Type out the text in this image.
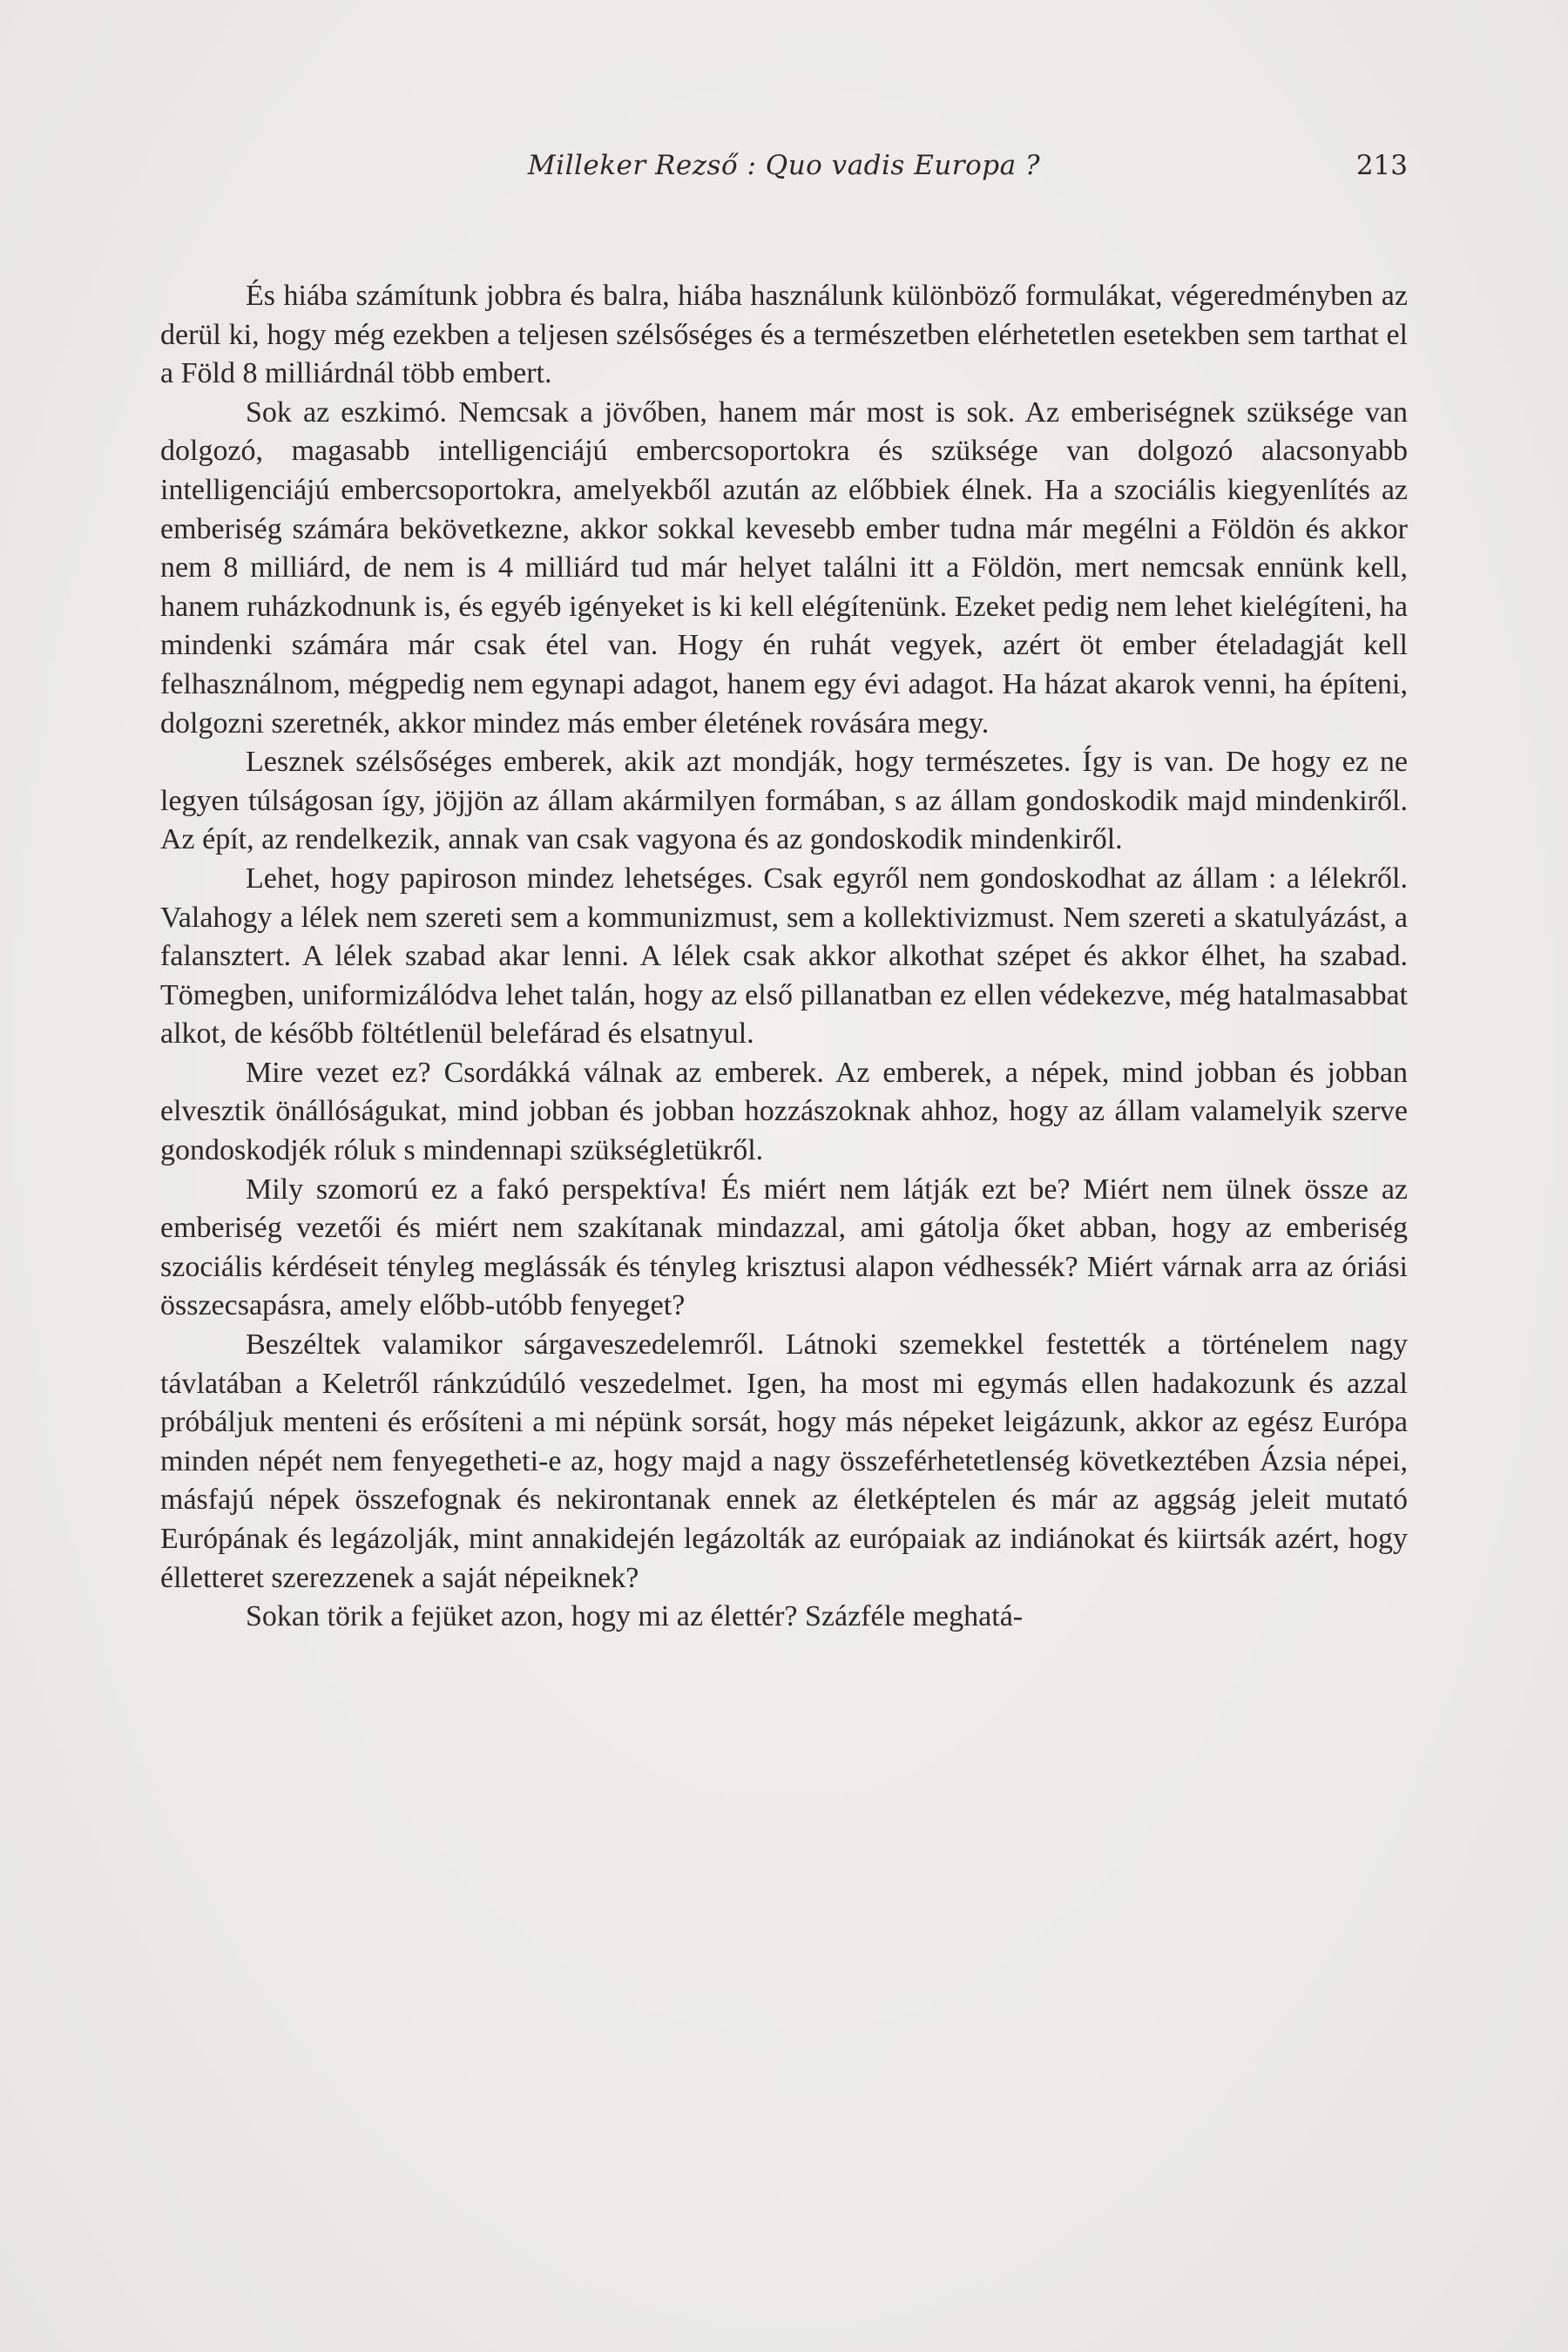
Milleker Rezső : Quo vadis Europa ?	213

És hiába számítunk jobbra és balra, hiába használunk különböző formulákat, végeredményben az derül ki, hogy még ezekben a teljesen szélsőséges és a természetben elérhetetlen esetekben sem tarthat el a Föld 8 milliárdnál több embert.

Sok az eszkimó. Nemcsak a jövőben, hanem már most is sok. Az emberiségnek szüksége van dolgozó, magasabb intelligenciájú embercsoportokra és szüksége van dolgozó alacsonyabb intelligenciájú embercsoportokra, amelyekből azután az előbbiek élnek. Ha a szociális kiegyenlítés az emberiség számára bekövetkezne, akkor sokkal kevesebb ember tudna már megélni a Földön és akkor nem 8 milliárd, de nem is 4 milliárd tud már helyet találni itt a Földön, mert nemcsak ennünk kell, hanem ruházkodnunk is, és egyéb igényeket is ki kell elégítenünk. Ezeket pedig nem lehet kielégíteni, ha mindenki számára már csak étel van. Hogy én ruhát vegyek, azért öt ember ételadagját kell felhasználnom, mégpedig nem egynapi adagot, hanem egy évi adagot. Ha házat akarok venni, ha építeni, dolgozni szeretnék, akkor mindez más ember életének rovására megy.

Lesznek szélsőséges emberek, akik azt mondják, hogy természetes. Így is van. De hogy ez ne legyen túlságosan így, jöjjön az állam akármilyen formában, s az állam gondoskodik majd mindenkiről. Az épít, az rendelkezik, annak van csak vagyona és az gondoskodik mindenkiről.

Lehet, hogy papiroson mindez lehetséges. Csak egyről nem gondoskodhat az állam : a lélekről. Valahogy a lélek nem szereti sem a kommunizmust, sem a kollektivizmust. Nem szereti a skatulyázást, a falansztert. A lélek szabad akar lenni. A lélek csak akkor alkothat szépet és akkor élhet, ha szabad. Tömegben, uniformizálódva lehet talán, hogy az első pillanatban ez ellen védekezve, még hatalmasabbat alkot, de később föltétlenül belefárad és elsatnyul.

Mire vezet ez? Csordákká válnak az emberek. Az emberek, a népek, mind jobban és jobban elvesztik önállóságukat, mind jobban és jobban hozzászoknak ahhoz, hogy az állam valamelyik szerve gondoskodjék róluk s mindennapi szükségletükről.

Mily szomorú ez a fakó perspektíva! És miért nem látják ezt be? Miért nem ülnek össze az emberiség vezetői és miért nem szakítanak mindazzal, ami gátolja őket abban, hogy az emberiség szociális kérdéseit tényleg meglássák és tényleg krisztusi alapon védhessék? Miért várnak arra az óriási összecsapásra, amely előbb-utóbb fenyeget?

Beszéltek valamikor sárgaveszedelemről. Látnoki szemekkel festették a történelem nagy távlatában a Keletről ránkzúdúló veszedelmet. Igen, ha most mi egymás ellen hadakozunk és azzal próbáljuk menteni és erősíteni a mi népünk sorsát, hogy más népeket leigázunk, akkor az egész Európa minden népét nem fenyegetheti-e az, hogy majd a nagy összeférhetetlenség következtében Ázsia népei, másfajú népek összefognak és nekirontanak ennek az életképtelen és már az aggság jeleit mutató Európának és legázolják, mint annakidején legázolták az európaiak az indiánokat és kiirtsák azért, hogy élletteret szerezzenek a saját népeiknek?

Sokan törik a fejüket azon, hogy mi az élettér? Százféle meghatá-
